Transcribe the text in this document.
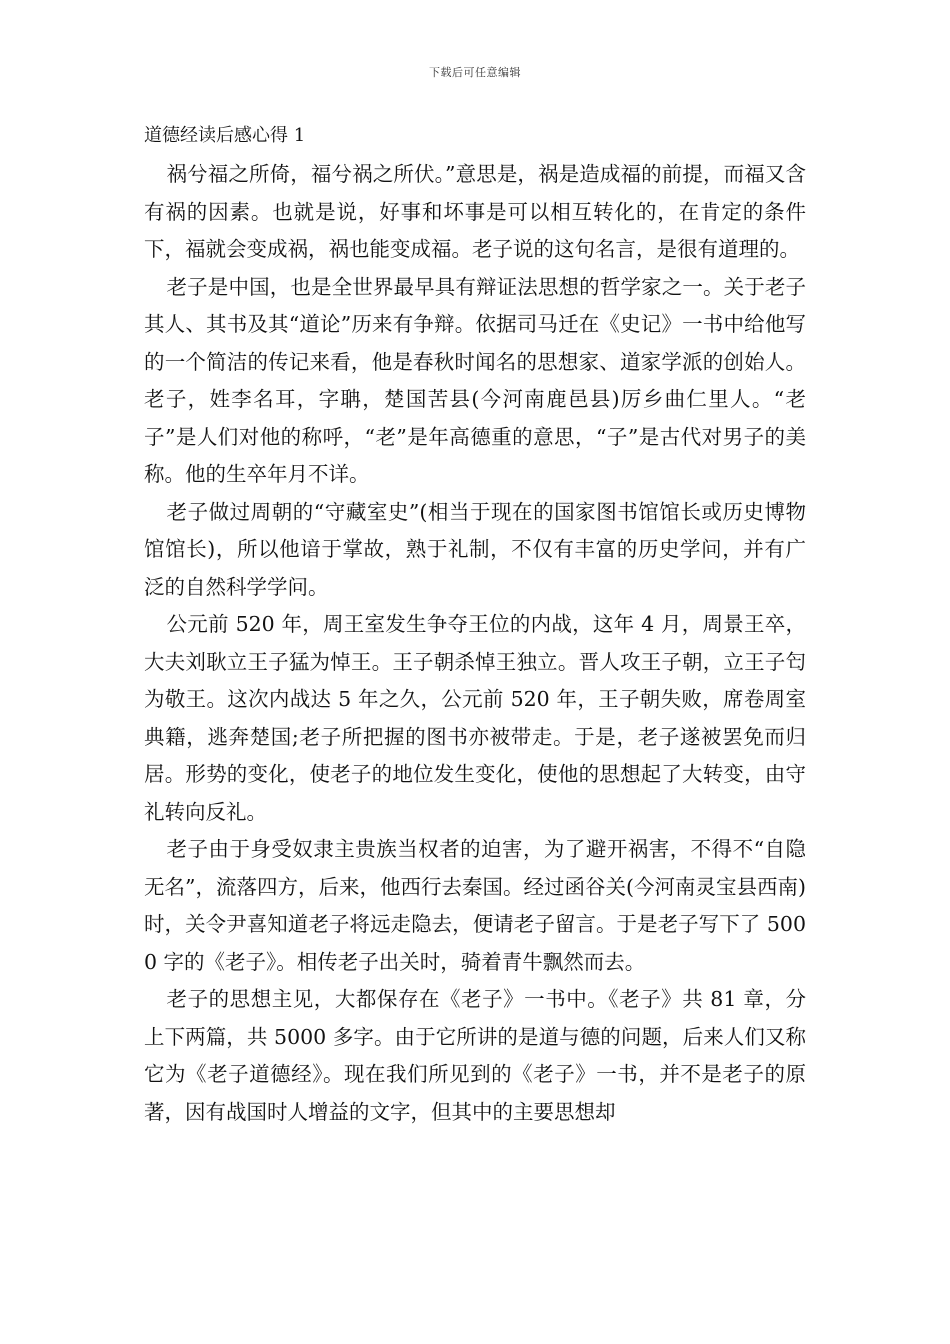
下载后可任意编辑
道德经读后感心得 1

祸兮福之所倚，福兮祸之所伏。”意思是，祸是造成福的前提，而福又含有祸的因素。也就是说，好事和坏事是可以相互转化的，在肯定的条件下，福就会变成祸，祸也能变成福。老子说的这句名言，是很有道理的。

老子是中国，也是全世界最早具有辩证法思想的哲学家之一。关于老子其人、其书及其“道论”历来有争辩。依据司马迁在《史记》一书中给他写的一个简洁的传记来看，他是春秋时闻名的思想家、道家学派的创始人。老子，姓李名耳，字聃，楚国苦县(今河南鹿邑县)厉乡曲仁里人。“老子”是人们对他的称呼，“老”是年高德重的意思，“子”是古代对男子的美称。他的生卒年月不详。

老子做过周朝的“守藏室史”(相当于现在的国家图书馆馆长或历史博物馆馆长)，所以他谙于掌故，熟于礼制，不仅有丰富的历史学问，并有广泛的自然科学学问。

公元前 520 年，周王室发生争夺王位的内战，这年 4 月，周景王卒，大夫刘耿立王子猛为悼王。王子朝杀悼王独立。晋人攻王子朝，立王子匄为敬王。这次内战达 5 年之久，公元前 520 年，王子朝失败，席卷周室典籍，逃奔楚国;老子所把握的图书亦被带走。于是，老子遂被罢免而归居。形势的变化，使老子的地位发生变化，使他的思想起了大转变，由守礼转向反礼。

老子由于身受奴隶主贵族当权者的迫害，为了避开祸害，不得不“自隐无名”，流落四方，后来，他西行去秦国。经过函谷关(今河南灵宝县西南)时，关令尹喜知道老子将远走隐去，便请老子留言。于是老子写下了 5000 字的《老子》。相传老子出关时，骑着青牛飘然而去。

老子的思想主见，大都保存在《老子》一书中。《老子》共 81 章，分上下两篇，共 5000 多字。由于它所讲的是道与德的问题，后来人们又称它为《老子道德经》。现在我们所见到的《老子》一书，并不是老子的原著，因有战国时人增益的文字，但其中的主要思想却
